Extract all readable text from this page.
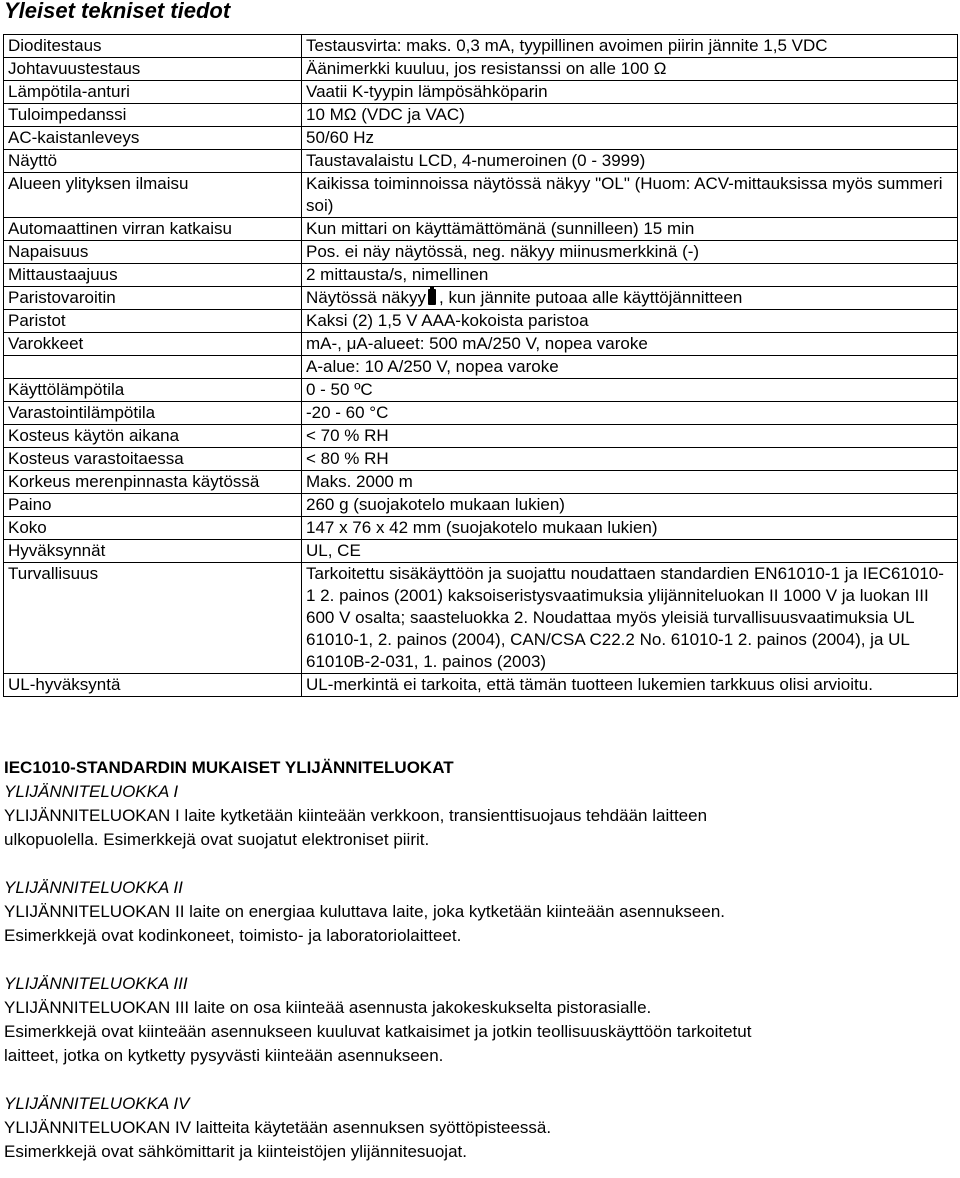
Yleiset tekniset tiedot
Dioditestaus	Testausvirta: maks. 0,3 mA, tyypillinen avoimen piirin jännite 1,5 VDC
Johtavuustestaus	Äänimerkki kuuluu, jos resistanssi on alle 100 Ω
Lämpötila-anturi	Vaatii K-tyypin lämpösähköparin
Tuloimpedanssi	10 MΩ (VDC ja VAC)
AC-kaistanleveys	50/60 Hz
Näyttö	Taustavalaistu LCD, 4-numeroinen (0 - 3999)
Alueen ylityksen ilmaisu	Kaikissa toiminnoissa näytössä näkyy "OL" (Huom: ACV-mittauksissa myös summeri soi)
Automaattinen virran katkaisu	Kun mittari on käyttämättömänä (sunnilleen) 15 min
Napaisuus	Pos. ei näy näytössä, neg. näkyy miinusmerkkinä (-)
Mittaustaajuus	2 mittausta/s, nimellinen
Paristovaroitin	Näytössä näkyy , kun jännite putoaa alle käyttöjännitteen
Paristot	Kaksi (2) 1,5 V AAA-kokoista paristoa
Varokkeet	mA-, μA-alueet: 500 mA/250 V, nopea varoke
	A-alue: 10 A/250 V, nopea varoke
Käyttölämpötila	0 - 50 ºC
Varastointilämpötila	-20 - 60 °C
Kosteus käytön aikana	< 70 % RH
Kosteus varastoitaessa	< 80 % RH
Korkeus merenpinnasta käytössä	Maks. 2000 m
Paino	260 g (suojakotelo mukaan lukien)
Koko	147 x 76 x 42 mm (suojakotelo mukaan lukien)
Hyväksynnät	UL, CE
Turvallisuus	Tarkoitettu sisäkäyttöön ja suojattu noudattaen standardien EN61010-1 ja IEC61010-1 2. painos (2001) kaksoiseristysvaatimuksia ylijänniteluokan II 1000 V ja luokan III 600 V osalta; saasteluokka 2. Noudattaa myös yleisiä turvallisuusvaatimuksia UL 61010-1, 2. painos (2004), CAN/CSA C22.2 No. 61010-1 2. painos (2004), ja UL 61010B-2-031, 1. painos (2003)
UL-hyväksyntä	UL-merkintä ei tarkoita, että tämän tuotteen lukemien tarkkuus olisi arvioitu.

IEC1010-STANDARDIN MUKAISET YLIJÄNNITELUOKAT

YLIJÄNNITELUOKKA I

YLIJÄNNITELUOKAN I laite kytketään kiinteään verkkoon, transienttisuojaus tehdään laitteen

ulkopuolella. Esimerkkejä ovat suojatut elektroniset piirit.

YLIJÄNNITELUOKKA II

YLIJÄNNITELUOKAN II laite on energiaa kuluttava laite, joka kytketään kiinteään asennukseen.

Esimerkkejä ovat kodinkoneet, toimisto- ja laboratoriolaitteet.

YLIJÄNNITELUOKKA III

YLIJÄNNITELUOKAN III laite on osa kiinteää asennusta jakokeskukselta pistorasialle.

Esimerkkejä ovat kiinteään asennukseen kuuluvat katkaisimet ja jotkin teollisuuskäyttöön tarkoitetut

laitteet, jotka on kytketty pysyvästi kiinteään asennukseen.

YLIJÄNNITELUOKKA IV

YLIJÄNNITELUOKAN IV laitteita käytetään asennuksen syöttöpisteessä.

Esimerkkejä ovat sähkömittarit ja kiinteistöjen ylijännitesuojat.
